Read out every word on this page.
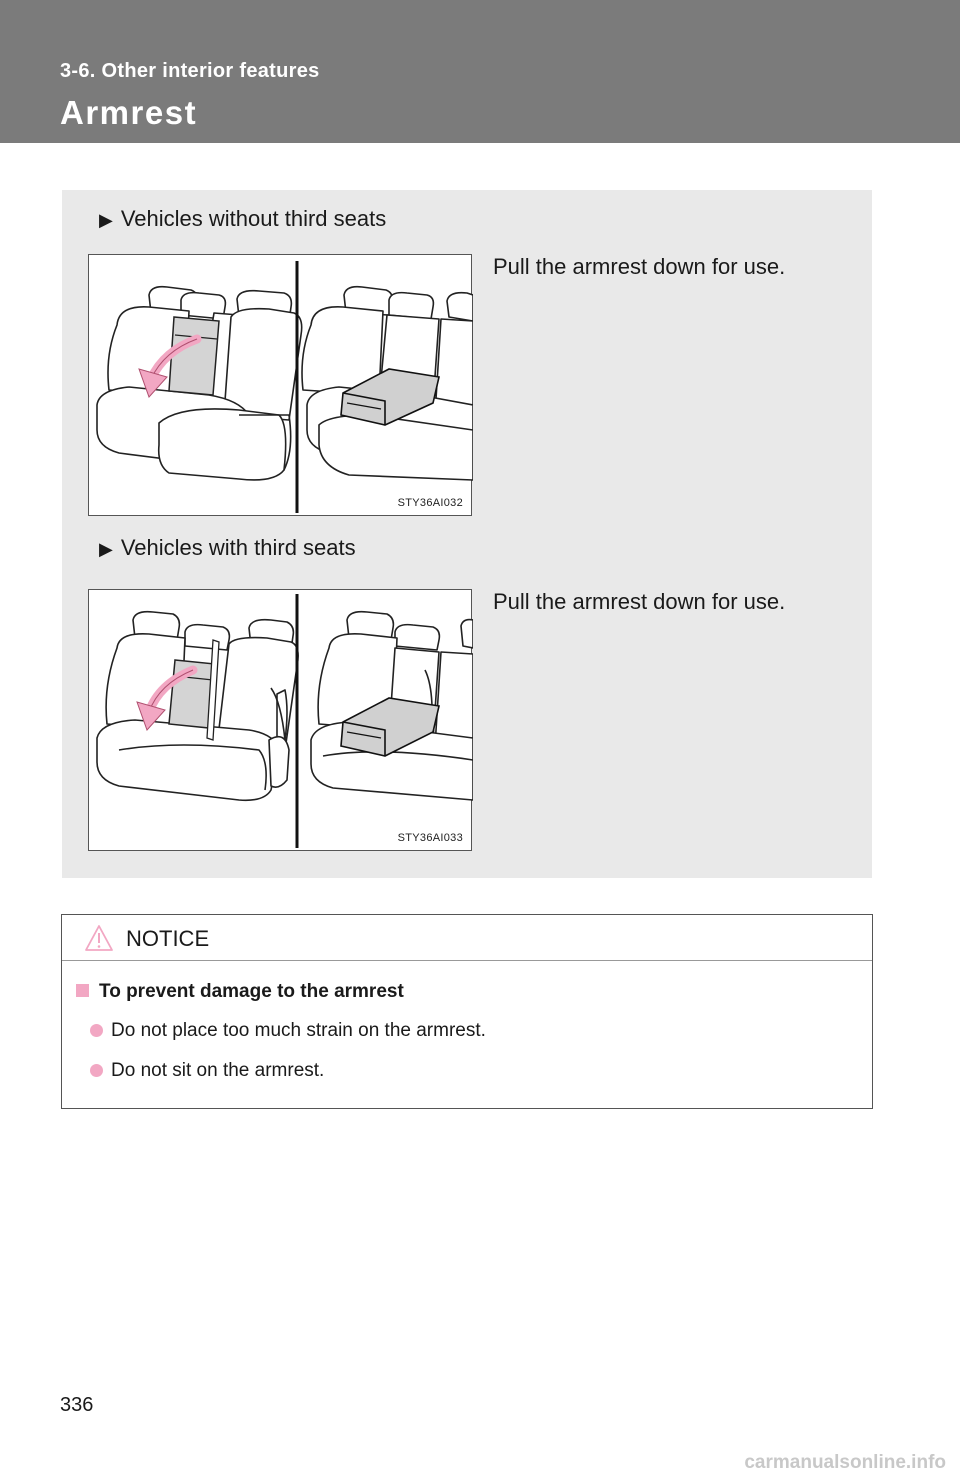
3-6. Other interior features
Armrest
▶ Vehicles without third seats
Pull the armrest down for use.
STY36AI032
▶ Vehicles with third seats
Pull the armrest down for use.
STY36AI033
NOTICE
To prevent damage to the armrest
Do not place too much strain on the armrest.
Do not sit on the armrest.
336
carmanualsonline.info
